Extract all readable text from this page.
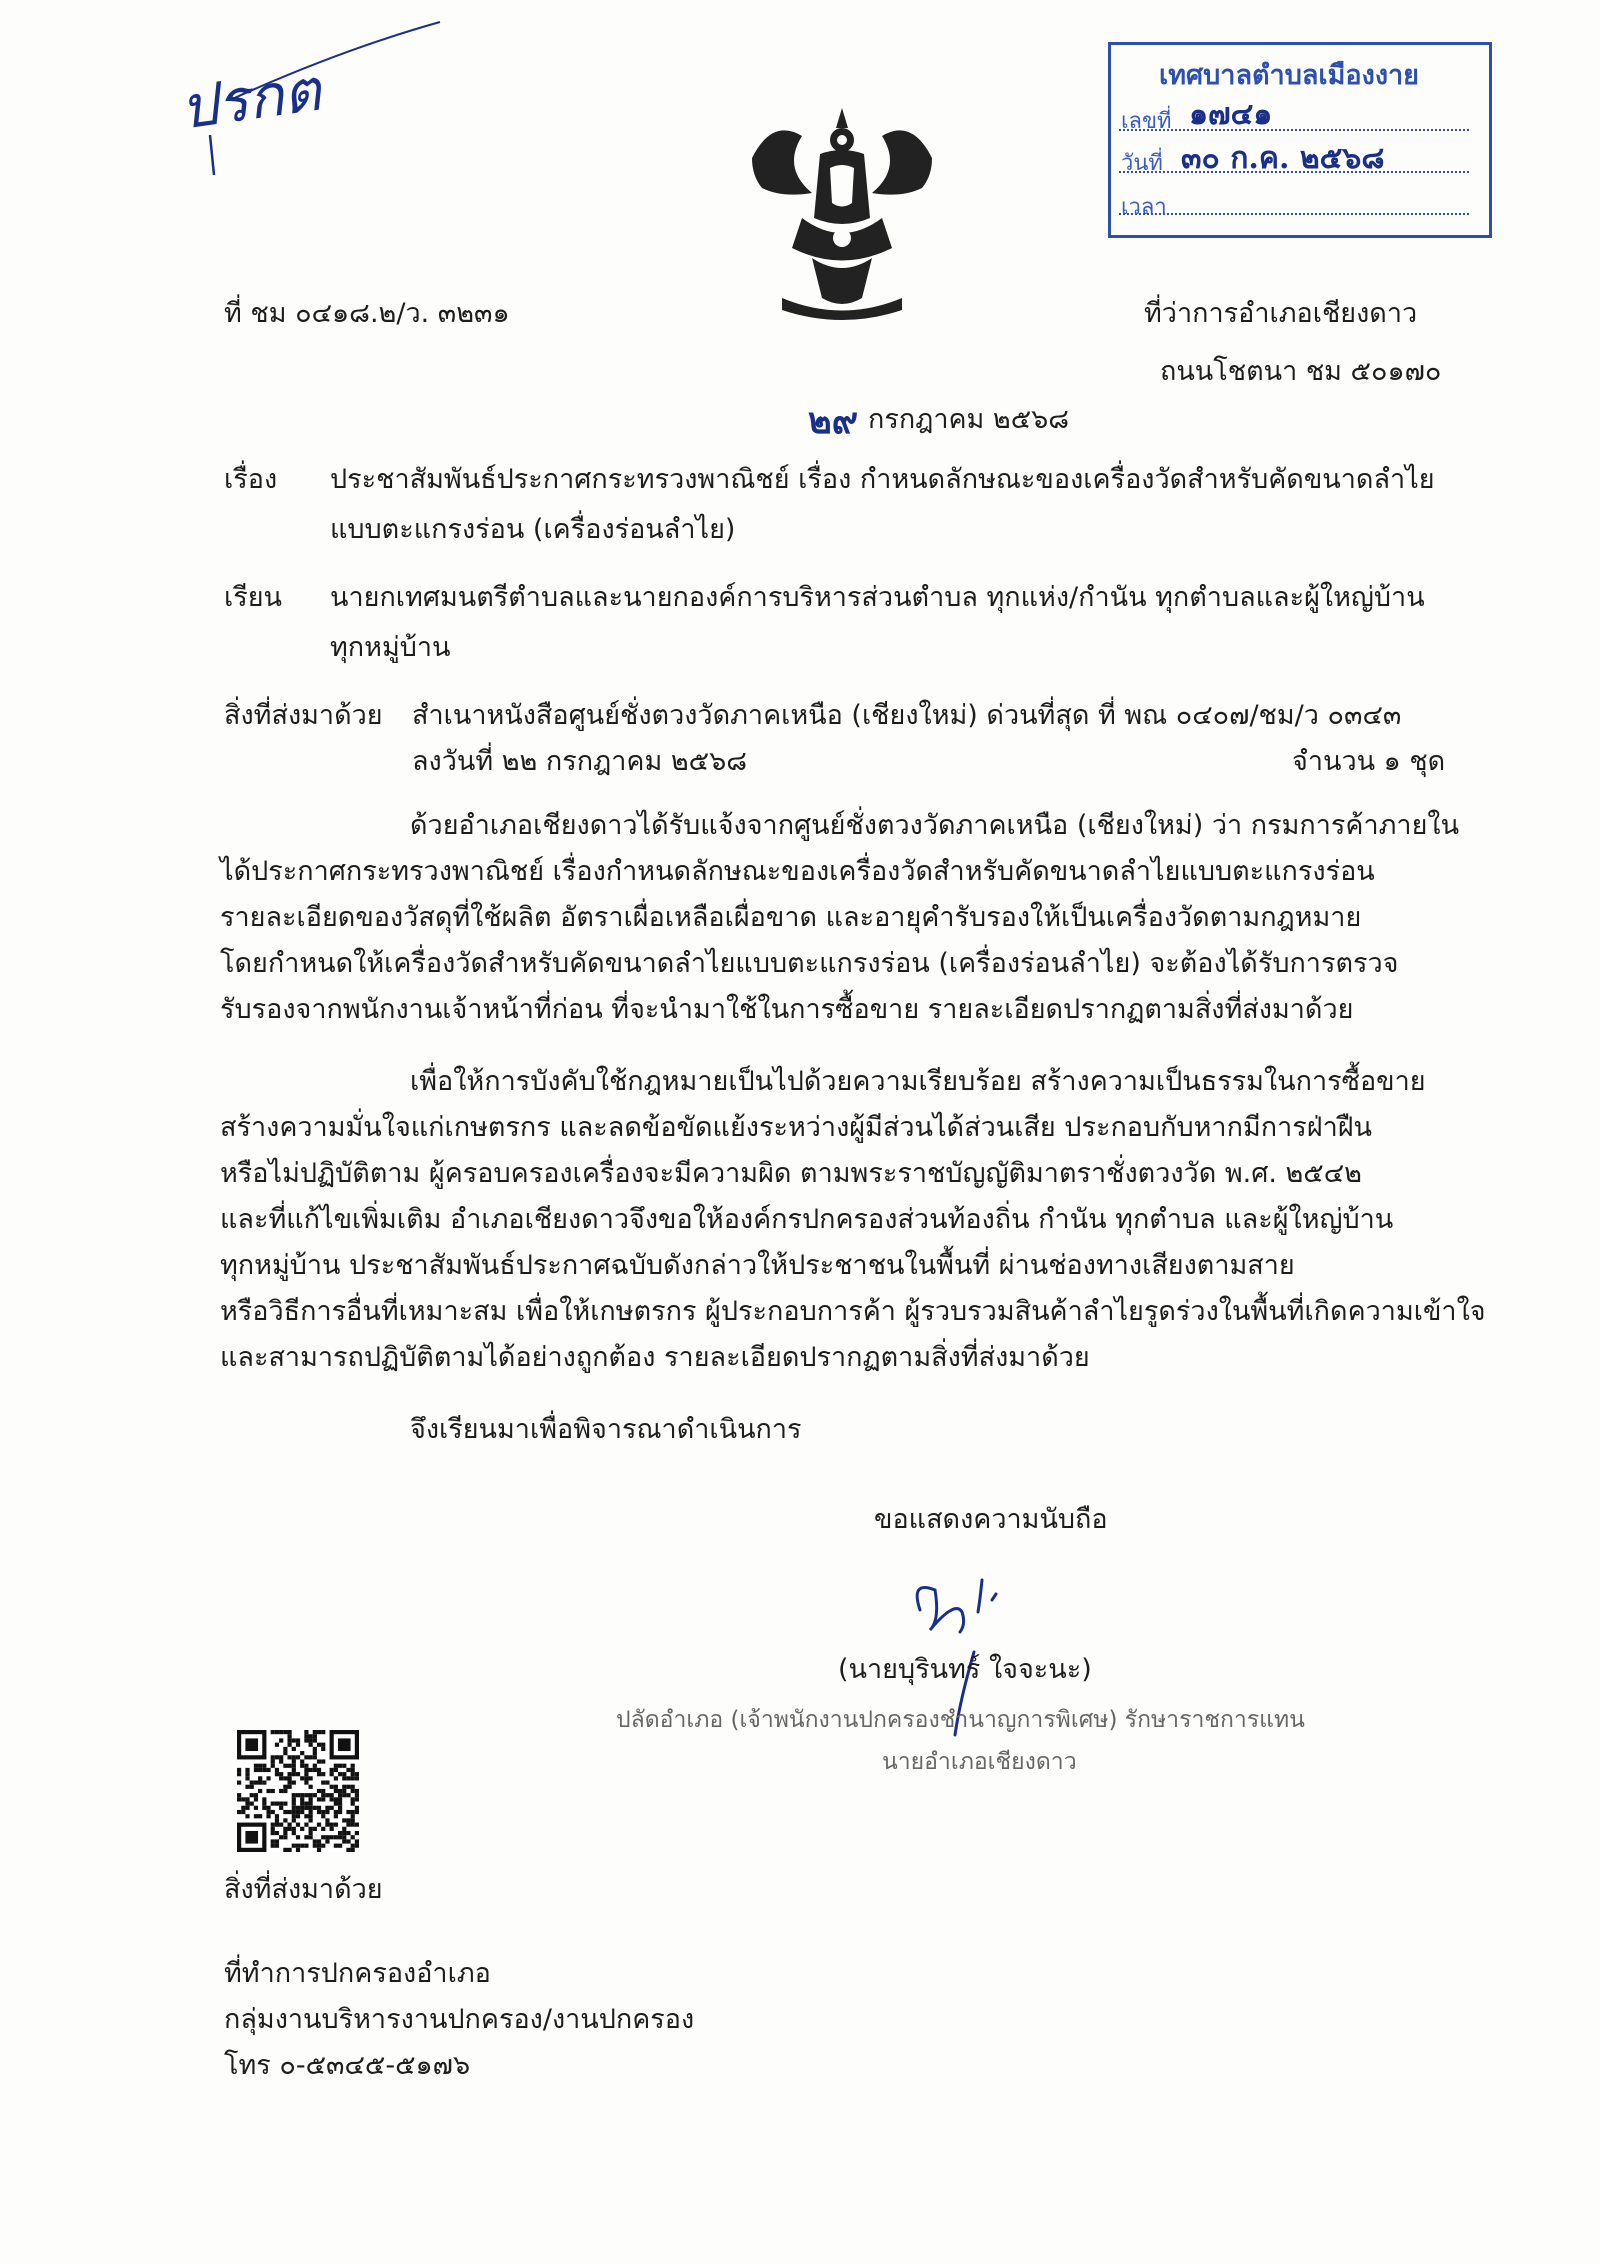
ปรกต	เทศบาลตำบลเมืองงาย
เลขที่ ๑๗๔๑
วันที่ ๓๐ ก.ค. ๒๕๖๘
เวลา
ที่ ชม ๐๔๑๘.๒/ว. ๓๒๓๑	ที่ว่าการอำเภอเชียงดาว
ถนนโชตนา ชม ๕๐๑๗๐
๒๙ กรกฎาคม ๒๕๖๘
เรื่อง ประชาสัมพันธ์ประกาศกระทรวงพาณิชย์ เรื่อง กำหนดลักษณะของเครื่องวัดสำหรับคัดขนาดลำไย
แบบตะแกรงร่อน (เครื่องร่อนลำไย)
เรียน นายกเทศมนตรีตำบลและนายกองค์การบริหารส่วนตำบล ทุกแห่ง/กำนัน ทุกตำบลและผู้ใหญ่บ้าน
ทุกหมู่บ้าน
สิ่งที่ส่งมาด้วย สำเนาหนังสือศูนย์ชั่งตวงวัดภาคเหนือ (เชียงใหม่) ด่วนที่สุด ที่ พณ ๐๔๐๗/ชม/ว ๐๓๔๓
ลงวันที่ ๒๒ กรกฎาคม ๒๕๖๘	จำนวน ๑ ชุด
ด้วยอำเภอเชียงดาวได้รับแจ้งจากศูนย์ชั่งตวงวัดภาคเหนือ (เชียงใหม่) ว่า กรมการค้าภายใน
ได้ประกาศกระทรวงพาณิชย์ เรื่องกำหนดลักษณะของเครื่องวัดสำหรับคัดขนาดลำไยแบบตะแกรงร่อน
รายละเอียดของวัสดุที่ใช้ผลิต อัตราเผื่อเหลือเผื่อขาด และอายุคำรับรองให้เป็นเครื่องวัดตามกฎหมาย
โดยกำหนดให้เครื่องวัดสำหรับคัดขนาดลำไยแบบตะแกรงร่อน (เครื่องร่อนลำไย) จะต้องได้รับการตรวจ
รับรองจากพนักงานเจ้าหน้าที่ก่อน ที่จะนำมาใช้ในการซื้อขาย รายละเอียดปรากฏตามสิ่งที่ส่งมาด้วย
เพื่อให้การบังคับใช้กฎหมายเป็นไปด้วยความเรียบร้อย สร้างความเป็นธรรมในการซื้อขาย
สร้างความมั่นใจแก่เกษตรกร และลดข้อขัดแย้งระหว่างผู้มีส่วนได้ส่วนเสีย ประกอบกับหากมีการฝ่าฝืน
หรือไม่ปฏิบัติตาม ผู้ครอบครองเครื่องจะมีความผิด ตามพระราชบัญญัติมาตราชั่งตวงวัด พ.ศ. ๒๕๔๒
และที่แก้ไขเพิ่มเติม อำเภอเชียงดาวจึงขอให้องค์กรปกครองส่วนท้องถิ่น กำนัน ทุกตำบล และผู้ใหญ่บ้าน
ทุกหมู่บ้าน ประชาสัมพันธ์ประกาศฉบับดังกล่าวให้ประชาชนในพื้นที่ ผ่านช่องทางเสียงตามสาย
หรือวิธีการอื่นที่เหมาะสม เพื่อให้เกษตรกร ผู้ประกอบการค้า ผู้รวบรวมสินค้าลำไยรูดร่วงในพื้นที่เกิดความเข้าใจ
และสามารถปฏิบัติตามได้อย่างถูกต้อง รายละเอียดปรากฏตามสิ่งที่ส่งมาด้วย
จึงเรียนมาเพื่อพิจารณาดำเนินการ
ขอแสดงความนับถือ
(นายบุรินทร์ ใจจะนะ)
ปลัดอำเภอ (เจ้าพนักงานปกครองชำนาญการพิเศษ) รักษาราชการแทน
นายอำเภอเชียงดาว
สิ่งที่ส่งมาด้วย
ที่ทำการปกครองอำเภอ
กลุ่มงานบริหารงานปกครอง/งานปกครอง
โทร ๐-๕๓๔๕-๕๑๗๖
